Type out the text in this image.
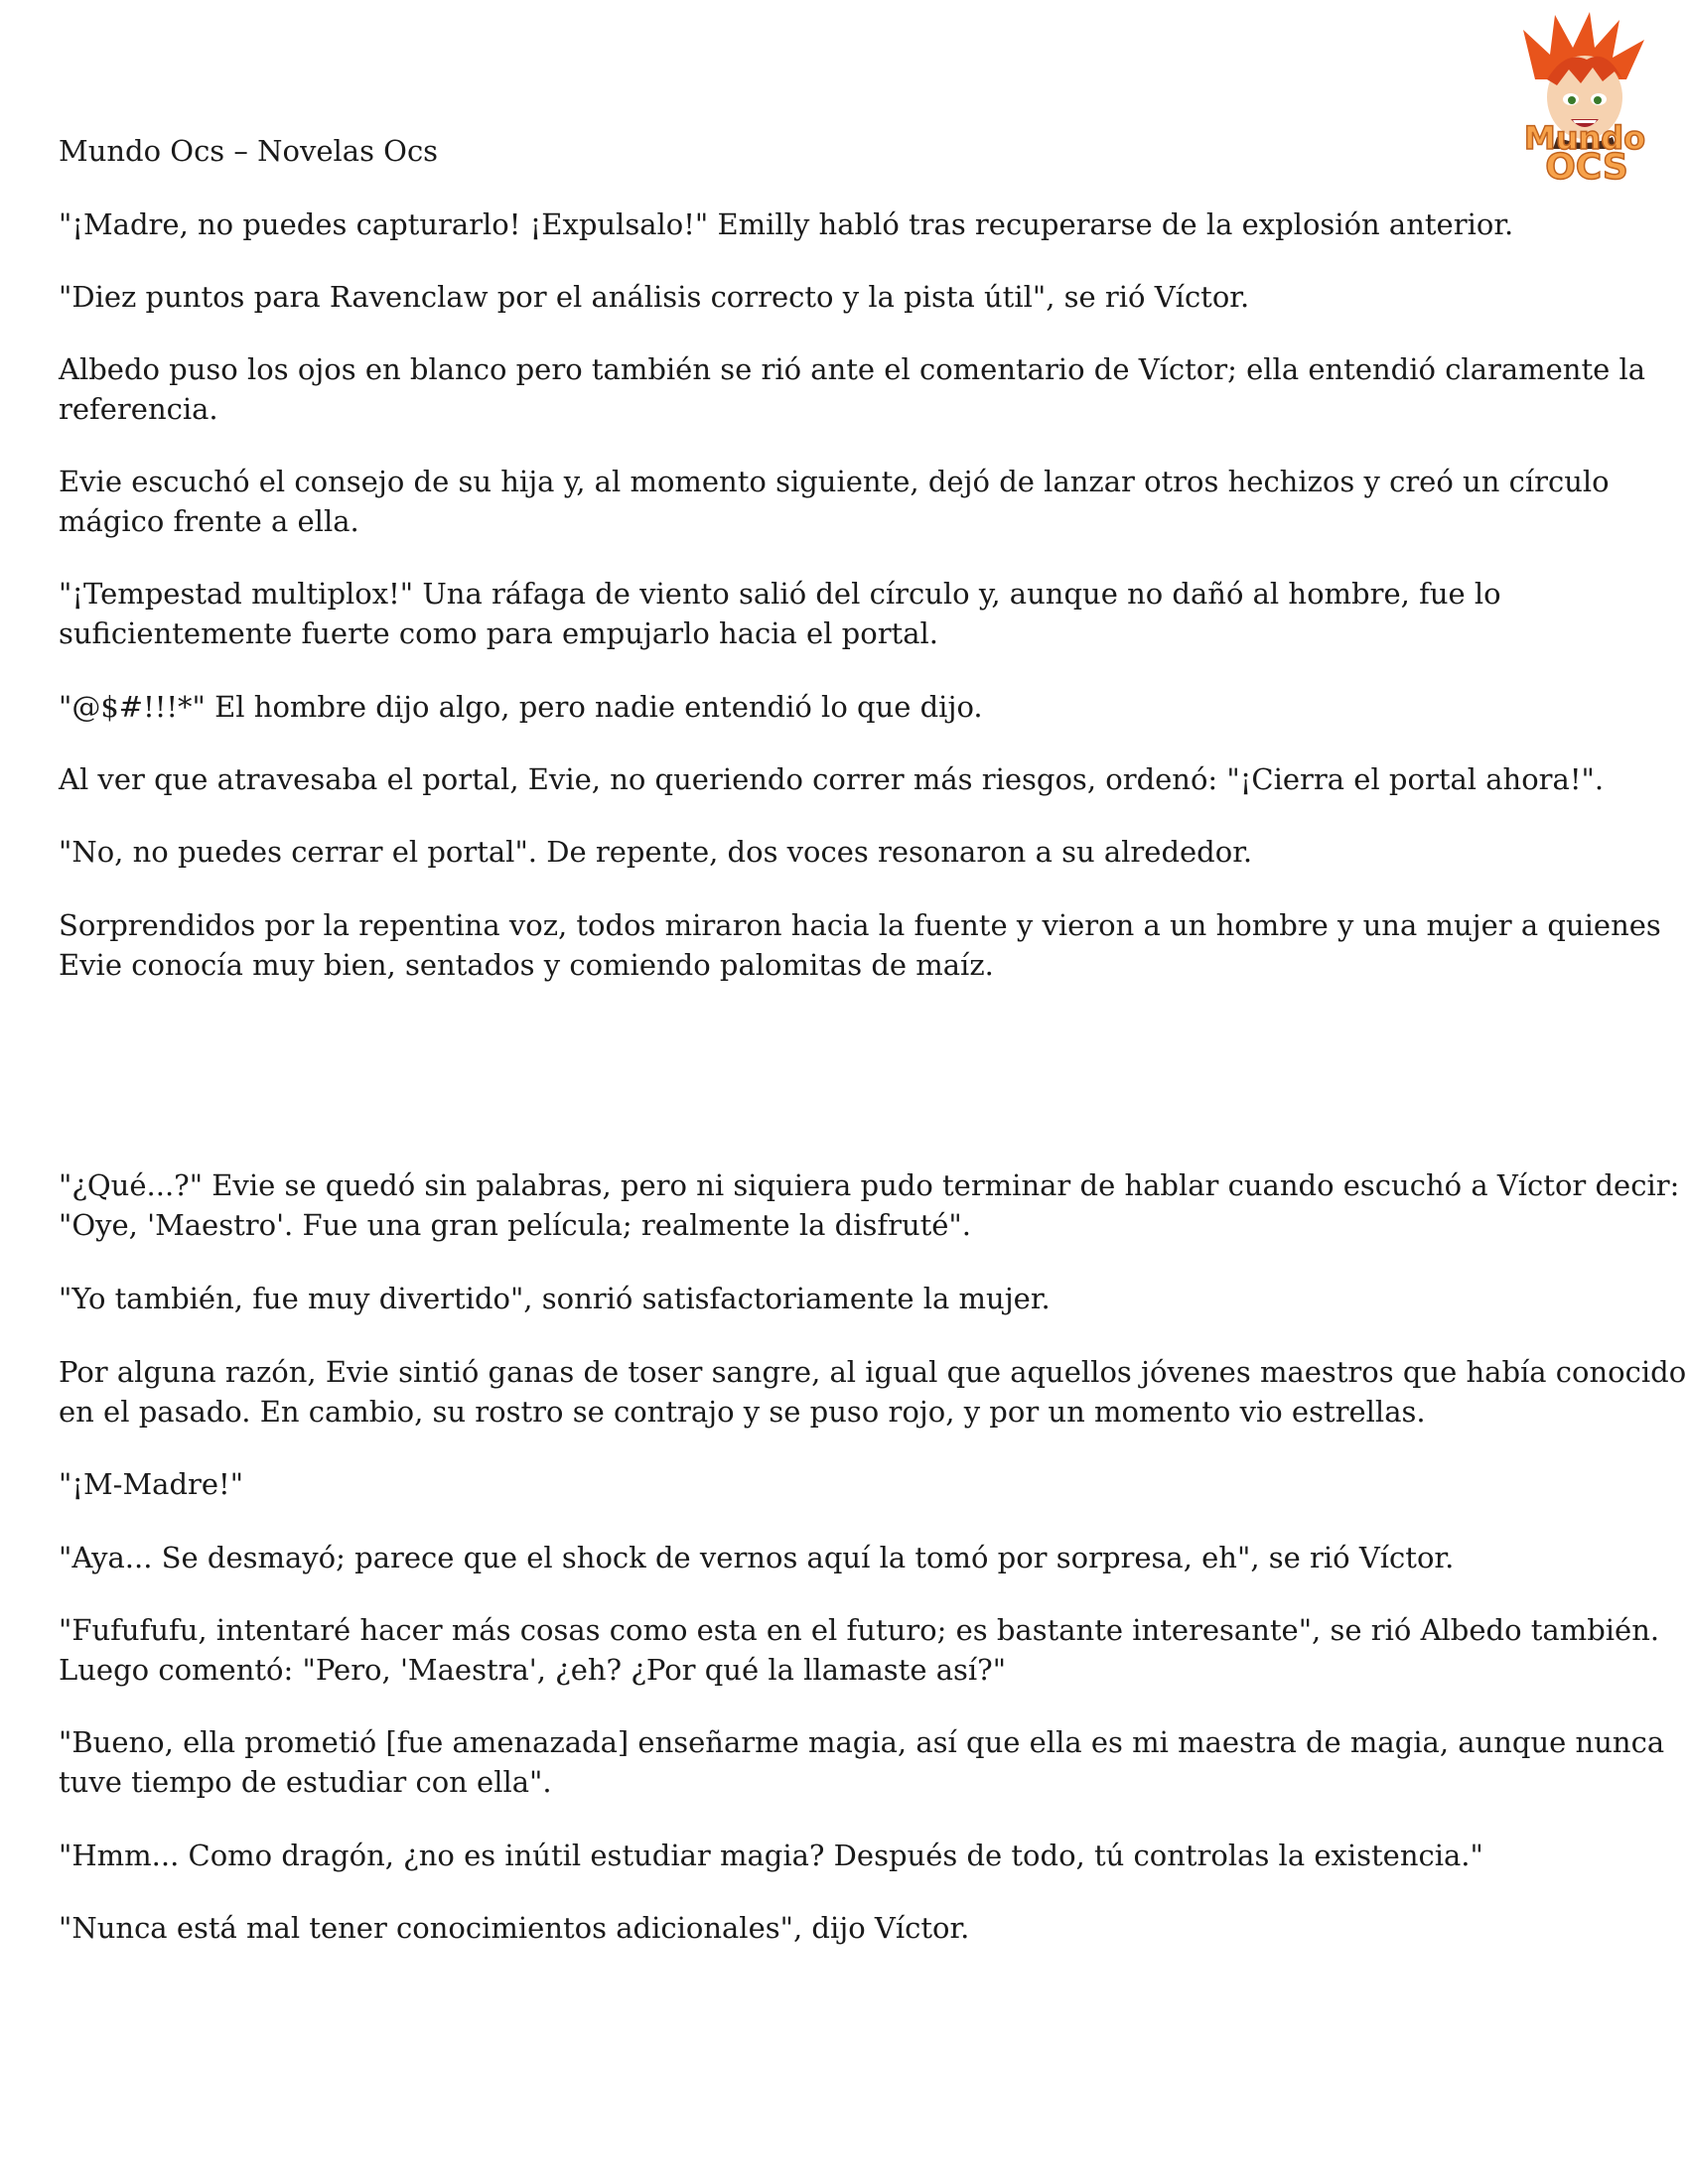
Mundo
OCS
Mundo Ocs – Novelas Ocs

"¡Madre, no puedes capturarlo! ¡Expulsalo!" Emilly habló tras recuperarse de la explosión anterior.

"Diez puntos para Ravenclaw por el análisis correcto y la pista útil", se rió Víctor.

Albedo puso los ojos en blanco pero también se rió ante el comentario de Víctor; ella entendió claramente la
referencia.

Evie escuchó el consejo de su hija y, al momento siguiente, dejó de lanzar otros hechizos y creó un círculo
mágico frente a ella.

"¡Tempestad multiplox!" Una ráfaga de viento salió del círculo y, aunque no dañó al hombre, fue lo
suficientemente fuerte como para empujarlo hacia el portal.

"@$#!!!*" El hombre dijo algo, pero nadie entendió lo que dijo.

Al ver que atravesaba el portal, Evie, no queriendo correr más riesgos, ordenó: "¡Cierra el portal ahora!".

"No, no puedes cerrar el portal". De repente, dos voces resonaron a su alrededor.

Sorprendidos por la repentina voz, todos miraron hacia la fuente y vieron a un hombre y una mujer a quienes
Evie conocía muy bien, sentados y comiendo palomitas de maíz.

"¿Qué...?" Evie se quedó sin palabras, pero ni siquiera pudo terminar de hablar cuando escuchó a Víctor decir:
"Oye, 'Maestro'. Fue una gran película; realmente la disfruté".

"Yo también, fue muy divertido", sonrió satisfactoriamente la mujer.

Por alguna razón, Evie sintió ganas de toser sangre, al igual que aquellos jóvenes maestros que había conocido
en el pasado. En cambio, su rostro se contrajo y se puso rojo, y por un momento vio estrellas.

"¡M-Madre!"

"Aya... Se desmayó; parece que el shock de vernos aquí la tomó por sorpresa, eh", se rió Víctor.

"Fufufufu, intentaré hacer más cosas como esta en el futuro; es bastante interesante", se rió Albedo también.
Luego comentó: "Pero, 'Maestra', ¿eh? ¿Por qué la llamaste así?"

"Bueno, ella prometió [fue amenazada] enseñarme magia, así que ella es mi maestra de magia, aunque nunca
tuve tiempo de estudiar con ella".

"Hmm... Como dragón, ¿no es inútil estudiar magia? Después de todo, tú controlas la existencia."

"Nunca está mal tener conocimientos adicionales", dijo Víctor.
